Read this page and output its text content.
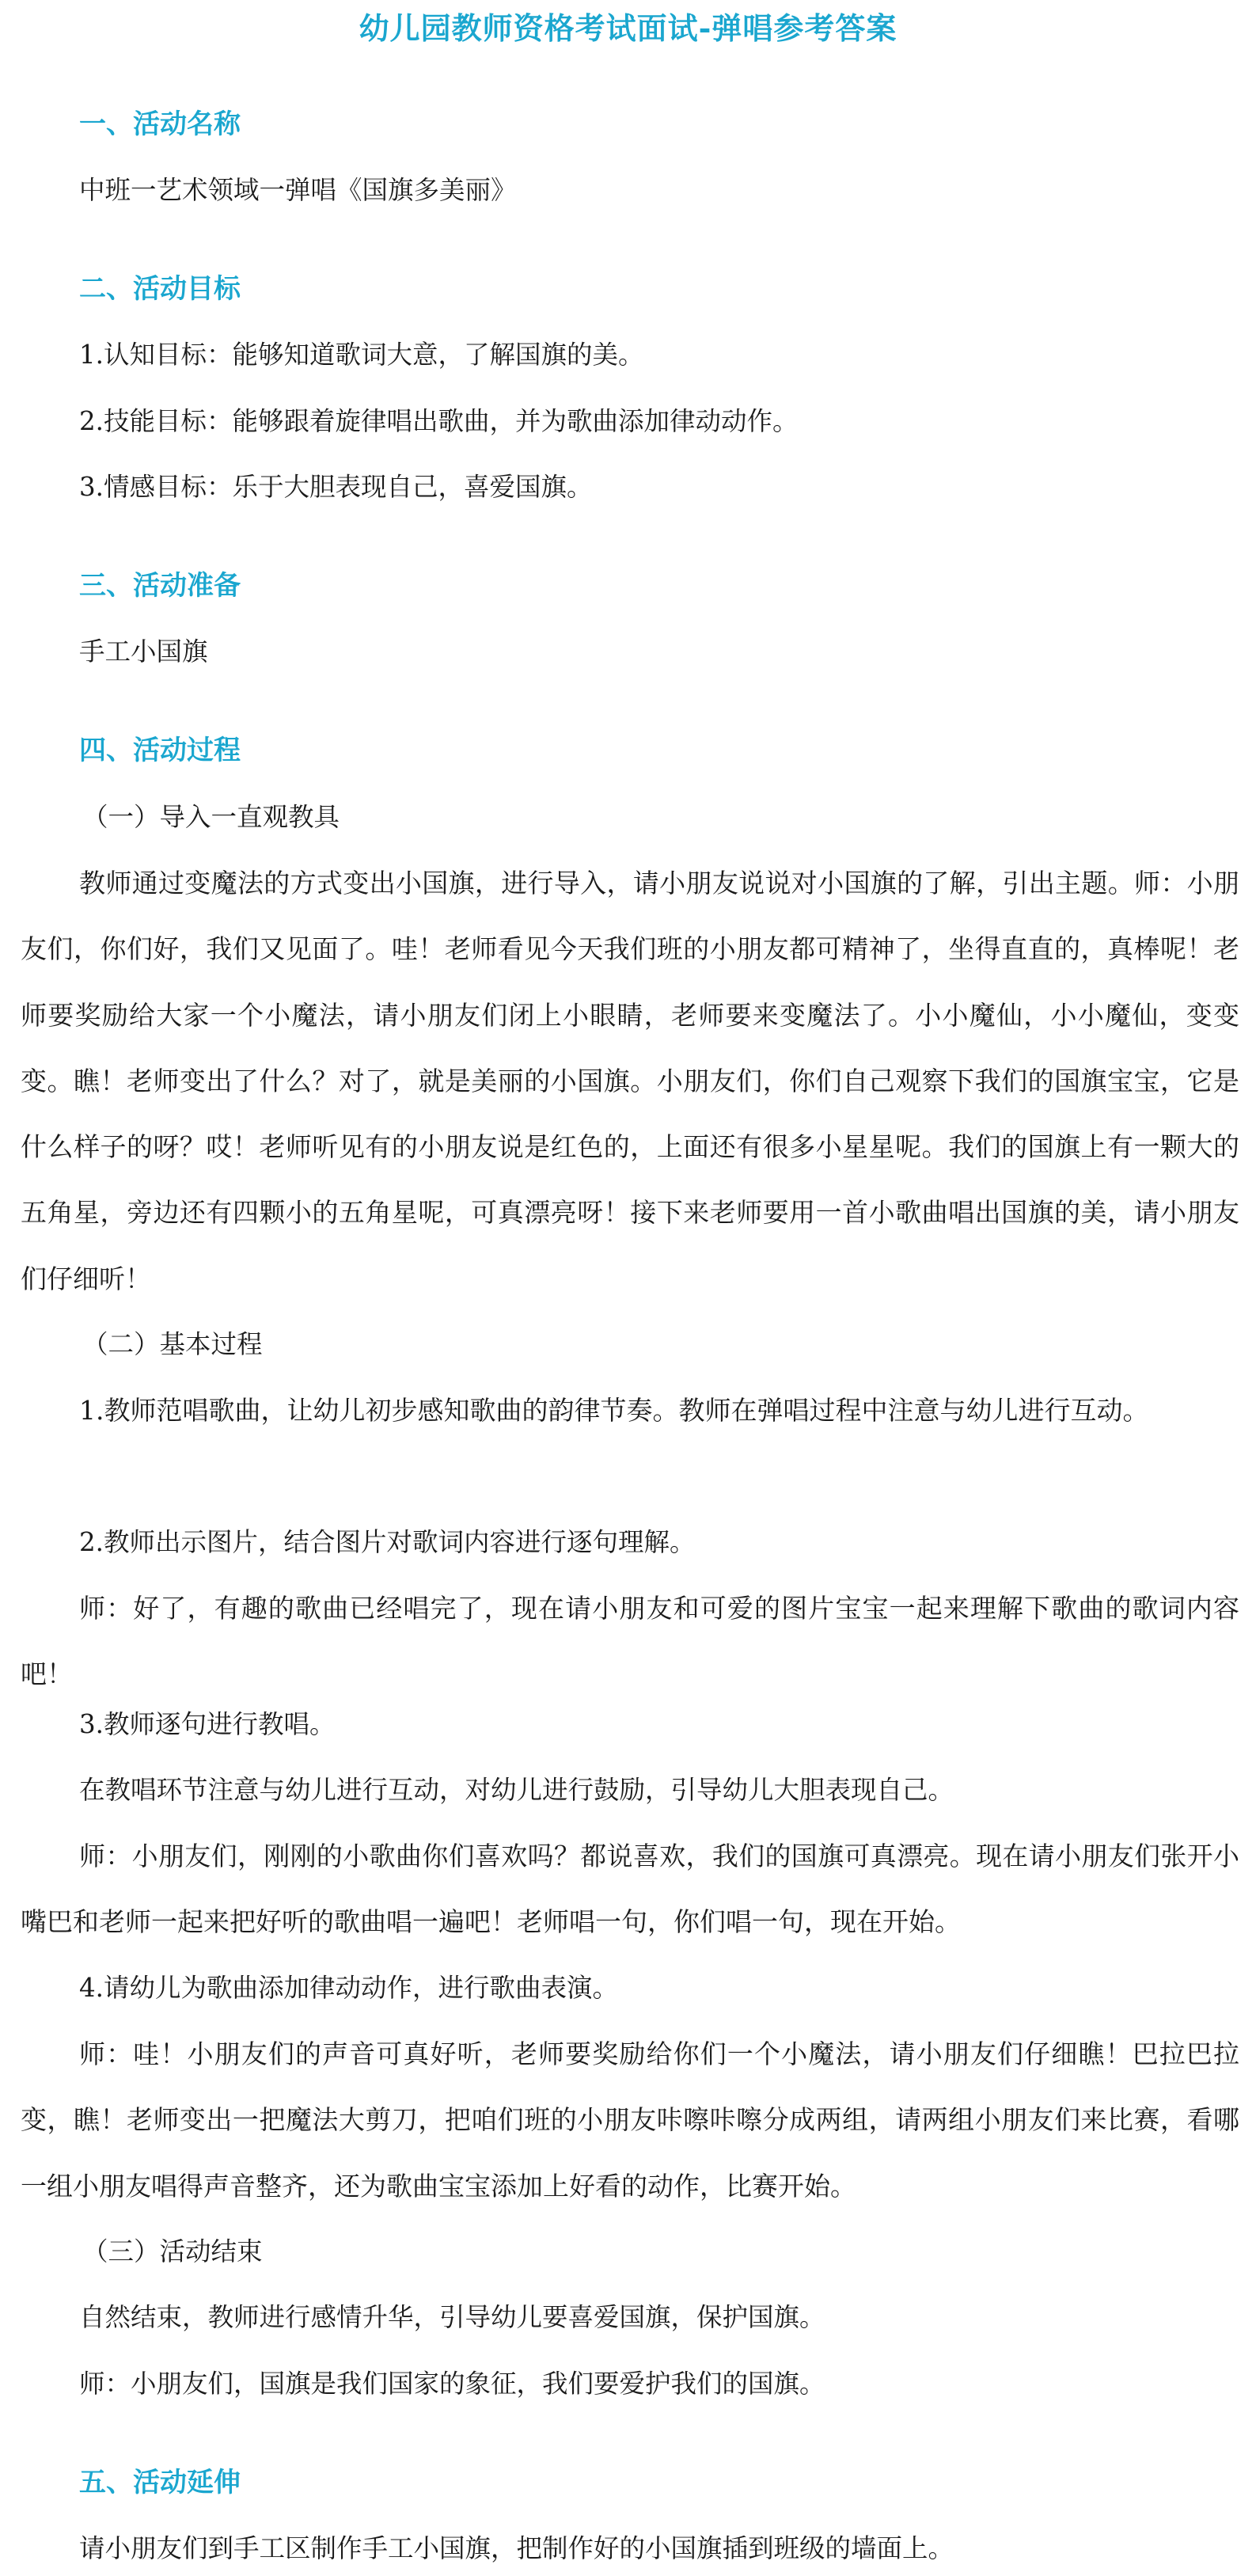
幼儿园教师资格考试面试-弹唱参考答案
一、活动名称

中班一艺术领域一弹唱《国旗多美丽》

二、活动目标

1.认知目标：能够知道歌词大意，了解国旗的美。

2.技能目标：能够跟着旋律唱出歌曲，并为歌曲添加律动动作。

3.情感目标：乐于大胆表现自己，喜爱国旗。

三、活动准备

手工小国旗

四、活动过程

（一）导入一直观教具

教师通过变魔法的方式变出小国旗，进行导入，请小朋友说说对小国旗的了解，引出主题。师：小朋友们，你们好，我们又见面了。哇！老师看见今天我们班的小朋友都可精神了，坐得直直的，真棒呢！老师要奖励给大家一个小魔法，请小朋友们闭上小眼睛，老师要来变魔法了。小小魔仙，小小魔仙，变变变。瞧！老师变出了什么？对了，就是美丽的小国旗。小朋友们，你们自己观察下我们的国旗宝宝，它是什么样子的呀？哎！老师听见有的小朋友说是红色的，上面还有很多小星星呢。我们的国旗上有一颗大的五角星，旁边还有四颗小的五角星呢，可真漂亮呀！接下来老师要用一首小歌曲唱出国旗的美，请小朋友们仔细听！

（二）基本过程

1.教师范唱歌曲，让幼儿初步感知歌曲的韵律节奏。教师在弹唱过程中注意与幼儿进行互动。

2.教师出示图片，结合图片对歌词内容进行逐句理解。

师：好了，有趣的歌曲已经唱完了，现在请小朋友和可爱的图片宝宝一起来理解下歌曲的歌词内容吧！

3.教师逐句进行教唱。

在教唱环节注意与幼儿进行互动，对幼儿进行鼓励，引导幼儿大胆表现自己。

师：小朋友们，刚刚的小歌曲你们喜欢吗？都说喜欢，我们的国旗可真漂亮。现在请小朋友们张开小嘴巴和老师一起来把好听的歌曲唱一遍吧！老师唱一句，你们唱一句，现在开始。

4.请幼儿为歌曲添加律动动作，进行歌曲表演。

师：哇！小朋友们的声音可真好听，老师要奖励给你们一个小魔法，请小朋友们仔细瞧！巴拉巴拉变，瞧！老师变出一把魔法大剪刀，把咱们班的小朋友咔嚓咔嚓分成两组，请两组小朋友们来比赛，看哪一组小朋友唱得声音整齐，还为歌曲宝宝添加上好看的动作，比赛开始。

（三）活动结束

自然结束，教师进行感情升华，引导幼儿要喜爱国旗，保护国旗。

师：小朋友们，国旗是我们国家的象征，我们要爱护我们的国旗。

五、活动延伸

请小朋友们到手工区制作手工小国旗，把制作好的小国旗插到班级的墙面上。
